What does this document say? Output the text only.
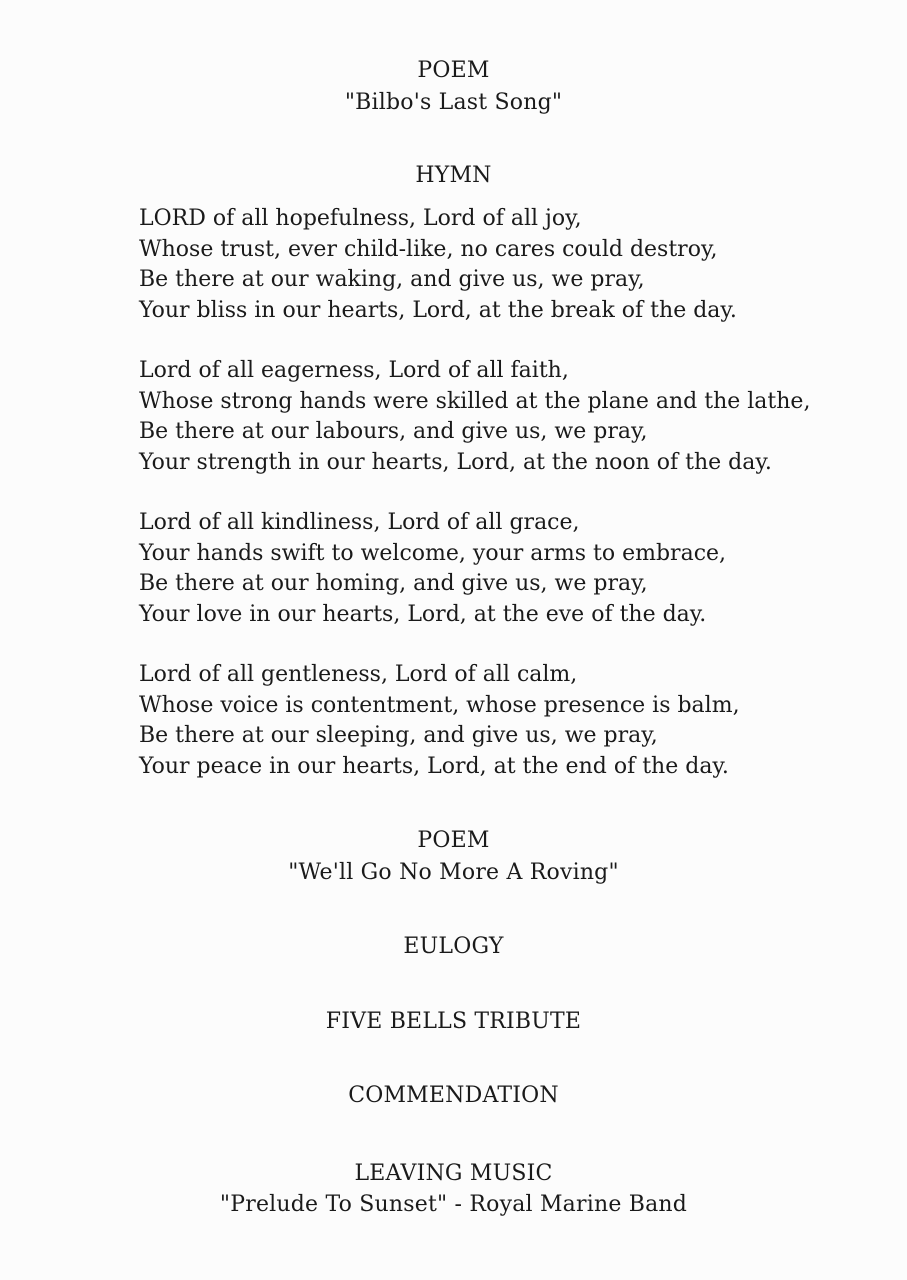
POEM
"Bilbo's Last Song"
HYMN
LORD of all hopefulness, Lord of all joy,
Whose trust, ever child-like, no cares could destroy,
Be there at our waking, and give us, we pray,
Your bliss in our hearts, Lord, at the break of the day.
Lord of all eagerness, Lord of all faith,
Whose strong hands were skilled at the plane and the lathe,
Be there at our labours, and give us, we pray,
Your strength in our hearts, Lord, at the noon of the day.
Lord of all kindliness, Lord of all grace,
Your hands swift to welcome, your arms to embrace,
Be there at our homing, and give us, we pray,
Your love in our hearts, Lord, at the eve of the day.
Lord of all gentleness, Lord of all calm,
Whose voice is contentment, whose presence is balm,
Be there at our sleeping, and give us, we pray,
Your peace in our hearts, Lord, at the end of the day.
POEM
"We'll Go No More A Roving"
EULOGY
FIVE BELLS TRIBUTE
COMMENDATION
LEAVING MUSIC
"Prelude To Sunset" - Royal Marine Band
